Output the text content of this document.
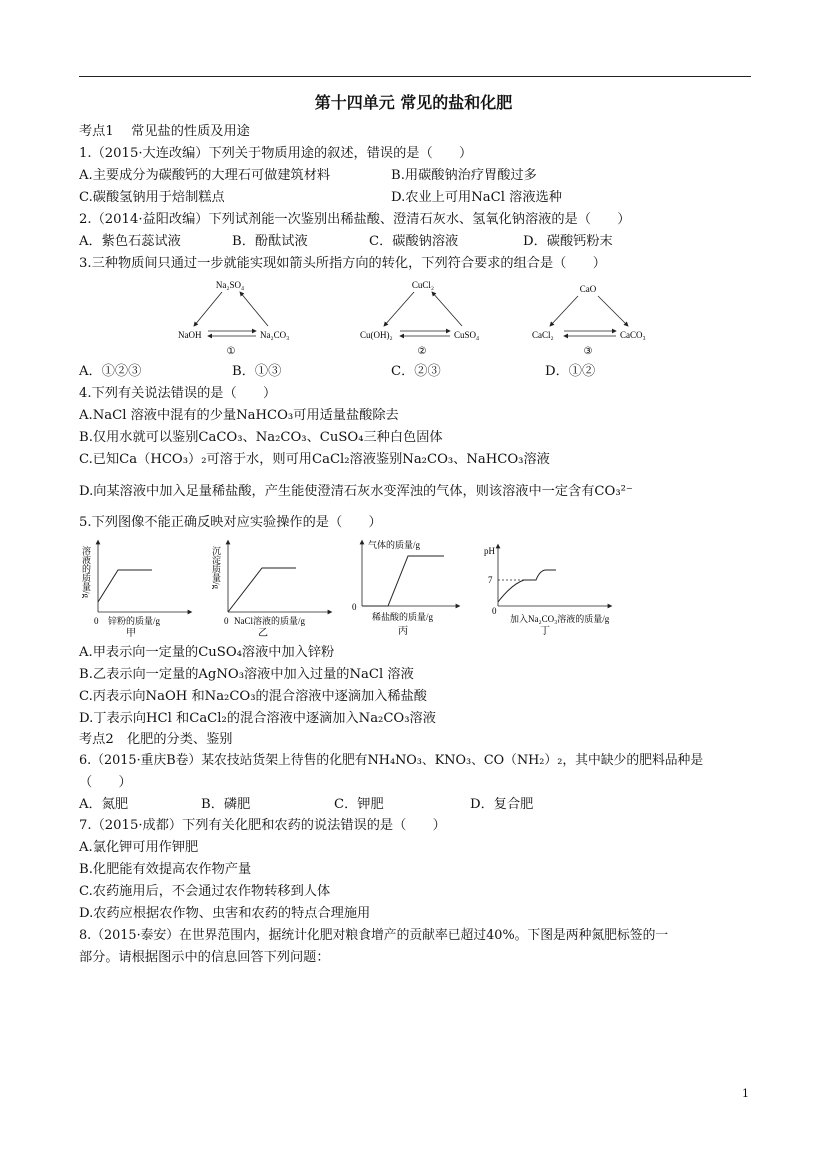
第十四单元 常见的盐和化肥
考点1　 常见盐的性质及用途
1.（2015·大连改编）下列关于物质用途的叙述，错误的是（　　）
A.主要成分为碳酸钙的大理石可做建筑材料	B.用碳酸钠治疗胃酸过多
C.碳酸氢钠用于焙制糕点	D.农业上可用NaCl 溶液选种
2.（2014·益阳改编）下列试剂能一次鉴别出稀盐酸、澄清石灰水、氢氧化钠溶液的是（　　）
A．紫色石蕊试液	B．酚酞试液	C．碳酸钠溶液	D．碳酸钙粉末
3.三种物质间只通过一步就能实现如箭头所指方向的转化，下列符合要求的组合是（　　）
Na₂SO₄
NaOH	Na₂CO₃
①
CuCl₂
Cu(OH)₂	CuSO₄
②
CaO
CaCl₂	CaCO₃
③
A．①②③	B．①③	C．②③	D．①②
4.下列有关说法错误的是（　　）
A.NaCl 溶液中混有的少量NaHCO₃可用适量盐酸除去
B.仅用水就可以鉴别CaCO₃、Na₂CO₃、CuSO₄三种白色固体
C.已知Ca（HCO₃）₂可溶于水，则可用CaCl₂溶液鉴别Na₂CO₃、NaHCO₃溶液
D.向某溶液中加入足量稀盐酸，产生能使澄清石灰水变浑浊的气体，则该溶液中一定含有CO₃²⁻
5.下列图像不能正确反映对应实验操作的是（　　）
溶液的质量/g
0 锌粉的质量/g
甲
沉淀质量/g
0 NaCl溶液的质量/g
乙
气体的质量/g
0
稀盐酸的质量/g
丙
pH
7
0
加入Na₂CO₃溶液的质量/g
丁
A.甲表示向一定量的CuSO₄溶液中加入锌粉
B.乙表示向一定量的AgNO₃溶液中加入过量的NaCl 溶液
C.丙表示向NaOH 和Na₂CO₃的混合溶液中逐滴加入稀盐酸
D.丁表示向HCl 和CaCl₂的混合溶液中逐滴加入Na₂CO₃溶液
考点2　化肥的分类、鉴别
6.（2015·重庆B卷）某农技站货架上待售的化肥有NH₄NO₃、KNO₃、CO（NH₂）₂，其中缺少的肥料品种是
（　　）
A．氮肥	B．磷肥	C．钾肥	D．复合肥
7.（2015·成都）下列有关化肥和农药的说法错误的是（　　）
A.氯化钾可用作钾肥
B.化肥能有效提高农作物产量
C.农药施用后，不会通过农作物转移到人体
D.农药应根据农作物、虫害和农药的特点合理施用
8.（2015·泰安）在世界范围内，据统计化肥对粮食增产的贡献率已超过40%。下图是两种氮肥标签的一
部分。请根据图示中的信息回答下列问题：
1
